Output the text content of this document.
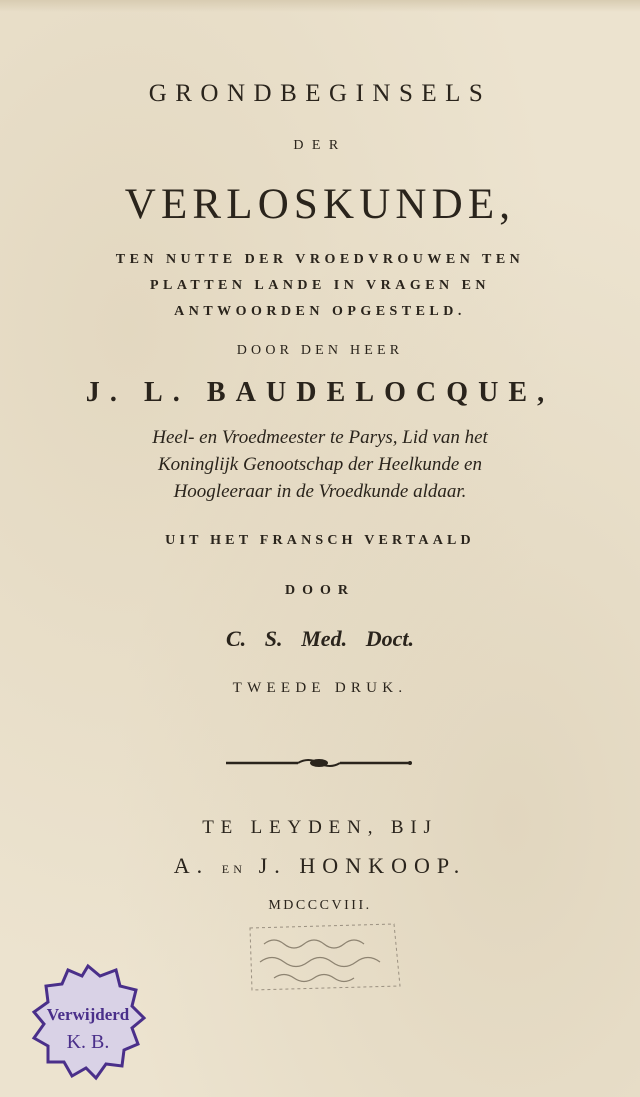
GRONDBEGINSELS
DER
VERLOSKUNDE,
TEN NUTTE DER VROEDVROUWEN TEN
PLATTEN LANDE IN VRAGEN EN
ANTWOORDEN OPGESTELD.
DOOR DEN HEER
J. L. BAUDELOCQUE,
Heel- en Vroedmeester te Parys, Lid van het
Koninglijk Genootschap der Heelkunde en
Hoogleeraar in de Vroedkunde aldaar.
UIT HET FRANSCH VERTAALD
DOOR
C. S. Med. Doct.
TWEEDE DRUK.
TE LEYDEN, BIJ
A. EN J. HONKOOP.
MDCCCVIII.
Verwijderd
K. B.
